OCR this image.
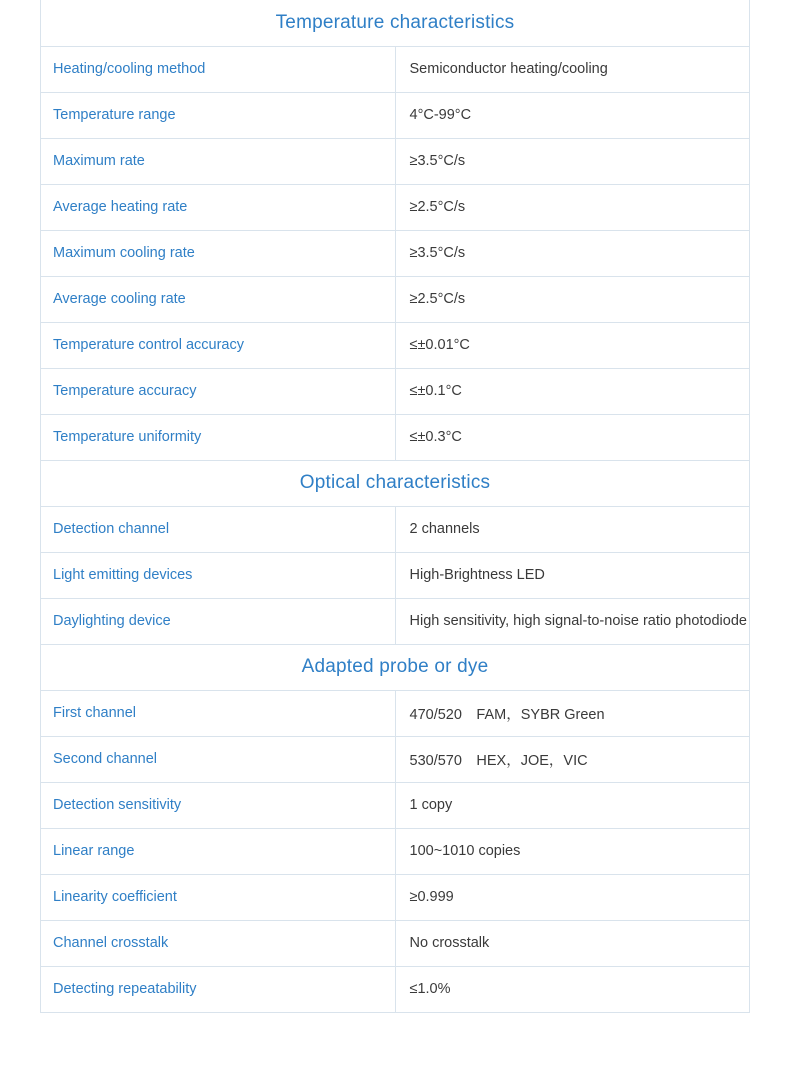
Temperature characteristics	
Heating/cooling method	Semiconductor heating/cooling
Temperature range	4°C-99°C
Maximum rate	≥3.5°C/s
Average heating rate	≥2.5°C/s
Maximum cooling rate	≥3.5°C/s
Average cooling rate	≥2.5°C/s
Temperature control accuracy	≤±0.01°C
Temperature accuracy	≤±0.1°C
Temperature uniformity	≤±0.3°C
Optical characteristics	
Detection channel	2 channels
Light emitting devices	High-Brightness LED
Daylighting device	High sensitivity, high signal-to-noise ratio photodiode
Adapted probe or dye	
First channel	470/520 FAM，SYBR Green
Second channel	530/570 HEX，JOE，VIC
Detection sensitivity	1 copy
Linear range	100~1010 copies
Linearity coefficient	≥0.999
Channel crosstalk	No crosstalk
Detecting repeatability	≤1.0%
